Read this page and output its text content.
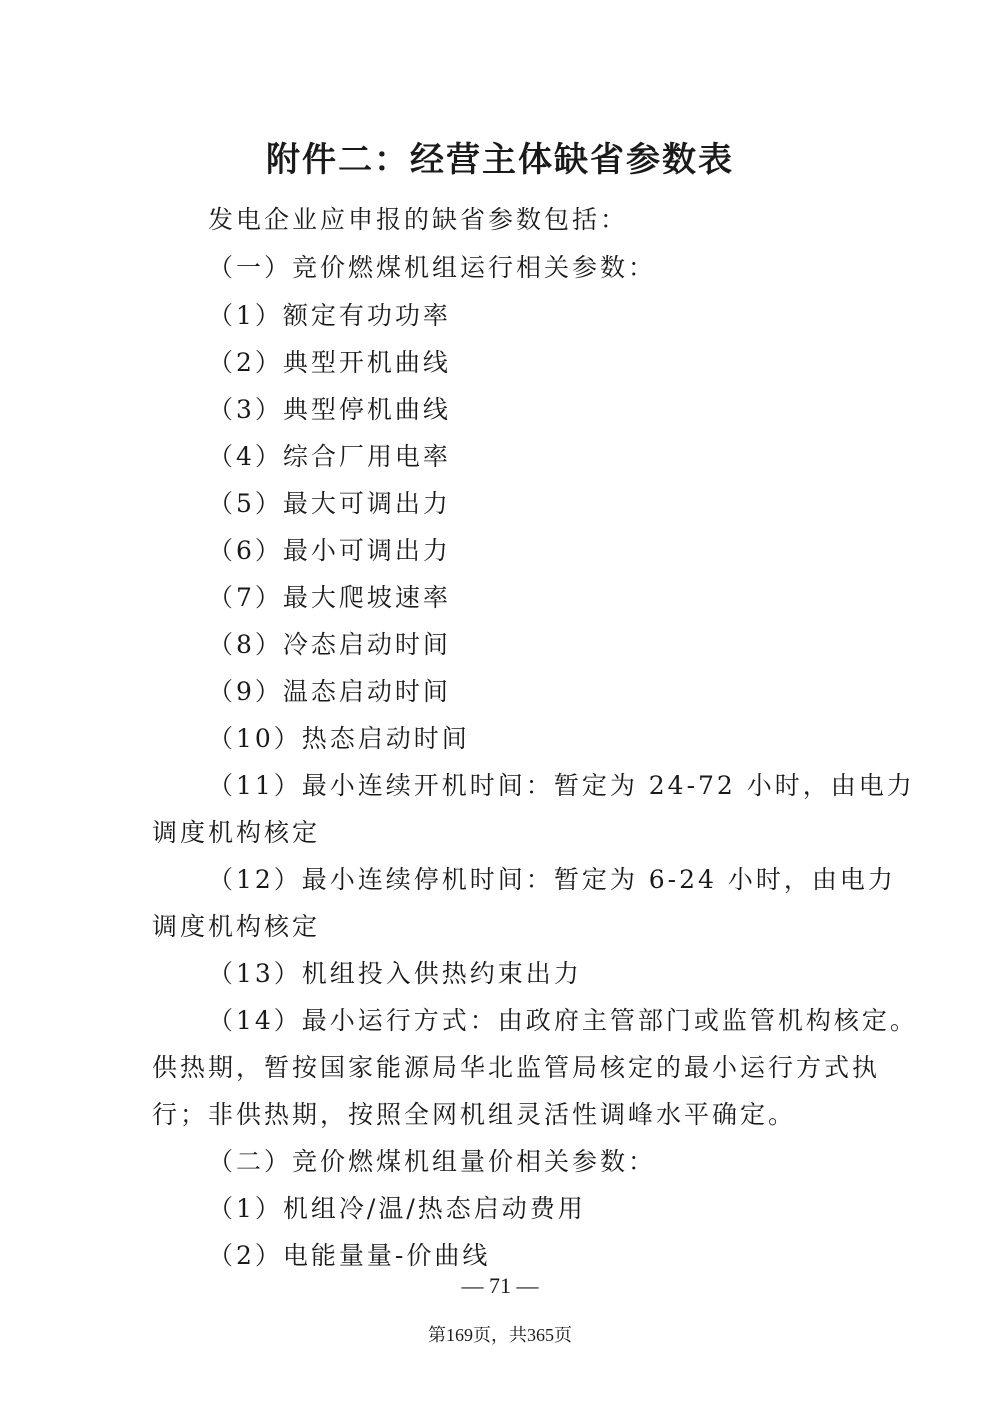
附件二：经营主体缺省参数表
发电企业应申报的缺省参数包括：
（一）竞价燃煤机组运行相关参数：
（1）额定有功功率
（2）典型开机曲线
（3）典型停机曲线
（4）综合厂用电率
（5）最大可调出力
（6）最小可调出力
（7）最大爬坡速率
（8）冷态启动时间
（9）温态启动时间
（10）热态启动时间
（11）最小连续开机时间：暂定为 24-72 小时，由电力
调度机构核定
（12）最小连续停机时间：暂定为 6-24 小时，由电力
调度机构核定
（13）机组投入供热约束出力
（14）最小运行方式：由政府主管部门或监管机构核定。
供热期，暂按国家能源局华北监管局核定的最小运行方式执
行；非供热期，按照全网机组灵活性调峰水平确定。
（二）竞价燃煤机组量价相关参数：
（1）机组冷/温/热态启动费用
（2）电能量量-价曲线
— 71 —
第169页，共365页
